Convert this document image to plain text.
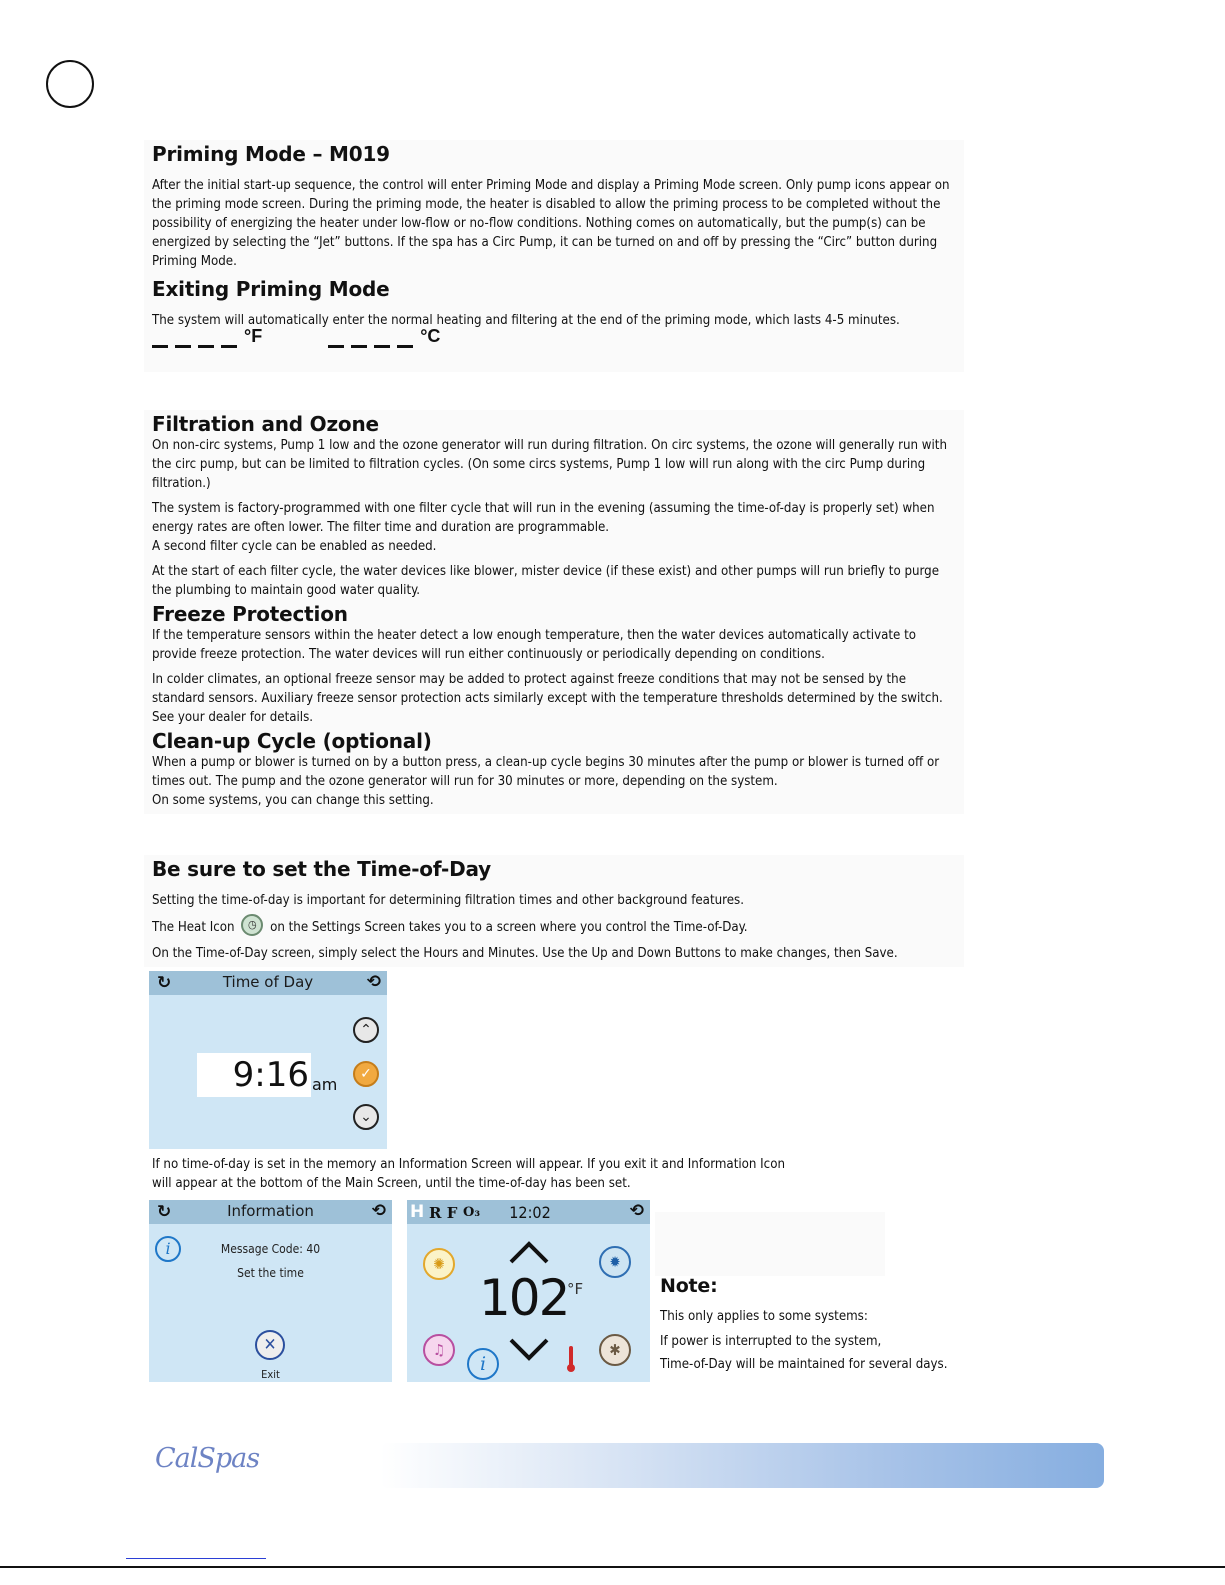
Priming Mode – M019

After the initial start-up sequence, the control will enter Priming Mode and display a Priming Mode screen. Only pump icons appear on the priming mode screen. During the priming mode, the heater is disabled to allow the priming process to be completed without the possibility of energizing the heater under low-flow or no-flow conditions. Nothing comes on automatically, but the pump(s) can be energized by selecting the “Jet” buttons. If the spa has a Circ Pump, it can be turned on and off by pressing the “Circ” button during Priming Mode.

Exiting Priming Mode

The system will automatically enter the normal heating and filtering at the end of the priming mode, which lasts 4-5 minutes.

°F	°C
Filtration and Ozone

On non-circ systems, Pump 1 low and the ozone generator will run during filtration. On circ systems, the ozone will generally run with the circ pump, but can be limited to filtration cycles. (On some circs systems, Pump 1 low will run along with the circ Pump during filtration.)

The system is factory-programmed with one filter cycle that will run in the evening (assuming the time-of-day is properly set) when energy rates are often lower. The filter time and duration are programmable.

A second filter cycle can be enabled as needed.

At the start of each filter cycle, the water devices like blower, mister device (if these exist) and other pumps will run briefly to purge the plumbing to maintain good water quality.

Freeze Protection

If the temperature sensors within the heater detect a low enough temperature, then the water devices automatically activate to provide freeze protection. The water devices will run either continuously or periodically depending on conditions.

In colder climates, an optional freeze sensor may be added to protect against freeze conditions that may not be sensed by the standard sensors. Auxiliary freeze sensor protection acts similarly except with the temperature thresholds determined by the switch. See your dealer for details.

Clean-up Cycle (optional)

When a pump or blower is turned on by a button press, a clean-up cycle begins 30 minutes after the pump or blower is turned off or times out. The pump and the ozone generator will run for 30 minutes or more, depending on the system.

On some systems, you can change this setting.

Be sure to set the Time-of-Day

Setting the time-of-day is important for determining filtration times and other background features.

The Heat Icon ◷ on the Settings Screen takes you to a screen where you control the Time-of-Day.

On the Time-of-Day screen, simply select the Hours and Minutes. Use the Up and Down Buttons to make changes, then Save.

↻	Time of Day	⟲
⌃
✓
⌄
9:16 am

If no time-of-day is set in the memory an Information Screen will appear. If you exit it and Information Icon

will appear at the bottom of the Main Screen, until the time-of-day has been set.

↻	Information	⟲
i	Message Code: 40
Set the time
✕
Exit
H R F O₃	12:02	⟲
✺	✹
♫	✱
102
°F
i
Note:

This only applies to some systems:

If power is interrupted to the system,

Time-of-Day will be maintained for several days.

CalSpas
